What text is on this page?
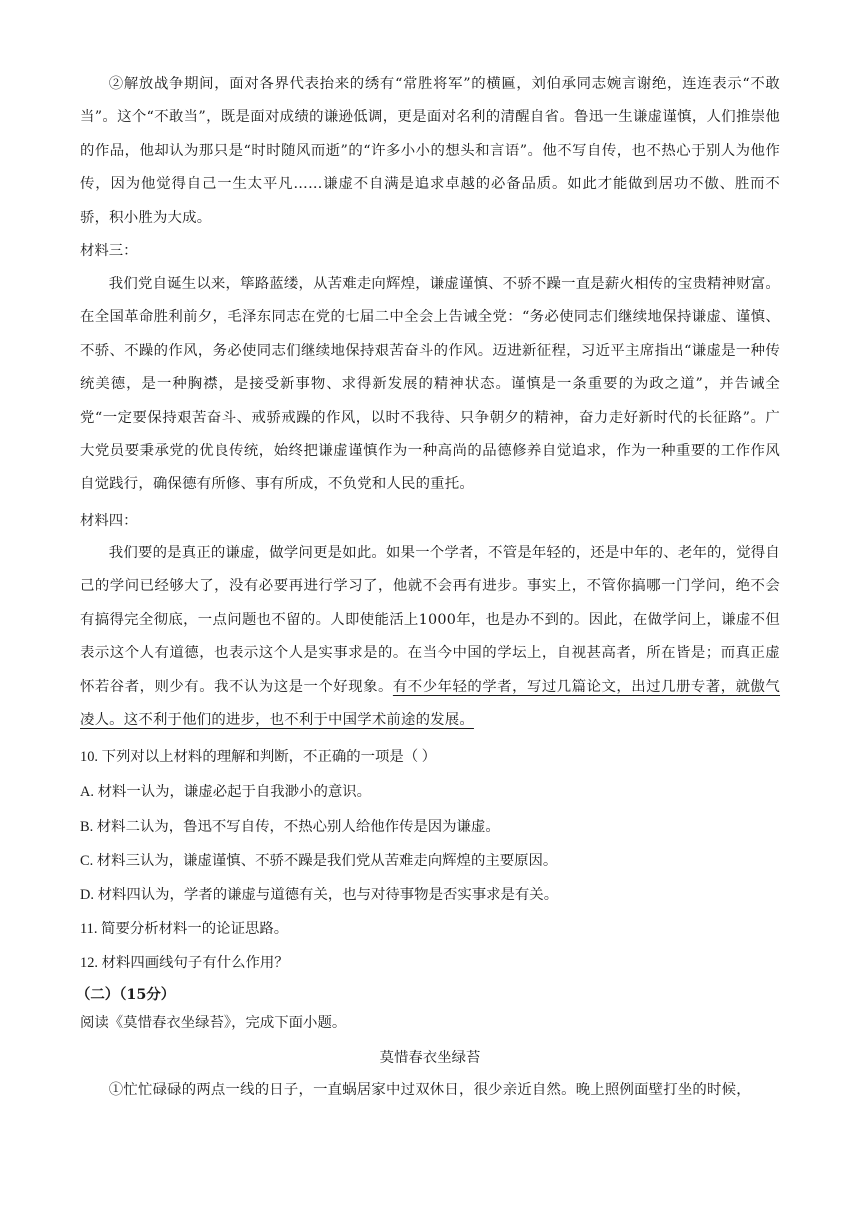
②解放战争期间，面对各界代表抬来的绣有“常胜将军”的横匾，刘伯承同志婉言谢绝，连连表示“不敢当”。这个“不敢当”，既是面对成绩的谦逊低调，更是面对名利的清醒自省。鲁迅一生谦虚谨慎，人们推崇他的作品，他却认为那只是“时时随风而逝”的“许多小小的想头和言语”。他不写自传，也不热心于别人为他作传，因为他觉得自己一生太平凡……谦虚不自满是追求卓越的必备品质。如此才能做到居功不傲、胜而不骄，积小胜为大成。

材料三：

我们党自诞生以来，筚路蓝缕，从苦难走向辉煌，谦虚谨慎、不骄不躁一直是薪火相传的宝贵精神财富。在全国革命胜利前夕，毛泽东同志在党的七届二中全会上告诫全党：“务必使同志们继续地保持谦虚、谨慎、不骄、不躁的作风，务必使同志们继续地保持艰苦奋斗的作风。迈进新征程，习近平主席指出“谦虚是一种传统美德，是一种胸襟，是接受新事物、求得新发展的精神状态。谨慎是一条重要的为政之道”，并告诫全党“一定要保持艰苦奋斗、戒骄戒躁的作风，以时不我待、只争朝夕的精神，奋力走好新时代的长征路”。广大党员要秉承党的优良传统，始终把谦虚谨慎作为一种高尚的品德修养自觉追求，作为一种重要的工作作风自觉践行，确保德有所修、事有所成，不负党和人民的重托。

材料四：

我们要的是真正的谦虚，做学问更是如此。如果一个学者，不管是年轻的，还是中年的、老年的，觉得自己的学问已经够大了，没有必要再进行学习了，他就不会再有进步。事实上，不管你搞哪一门学问，绝不会有搞得完全彻底，一点问题也不留的。人即使能活上1000年，也是办不到的。因此，在做学问上，谦虚不但表示这个人有道德，也表示这个人是实事求是的。在当今中国的学坛上，自视甚高者，所在皆是；而真正虚怀若谷者，则少有。我不认为这是一个好现象。有不少年轻的学者，写过几篇论文，出过几册专著，就傲气凌人。这不利于他们的进步，也不利于中国学术前途的发展。

10. 下列对以上材料的理解和判断，不正确的一项是（ ）

A. 材料一认为，谦虚必起于自我渺小的意识。

B. 材料二认为，鲁迅不写自传，不热心别人给他作传是因为谦虚。

C. 材料三认为，谦虚谨慎、不骄不躁是我们党从苦难走向辉煌的主要原因。

D. 材料四认为，学者的谦虚与道德有关，也与对待事物是否实事求是有关。

11. 简要分析材料一的论证思路。

12. 材料四画线句子有什么作用？

（二）（15分）

阅读《莫惜春衣坐绿苔》，完成下面小题。

莫惜春衣坐绿苔

①忙忙碌碌的两点一线的日子，一直蜗居家中过双休日，很少亲近自然。晚上照例面壁打坐的时候，
